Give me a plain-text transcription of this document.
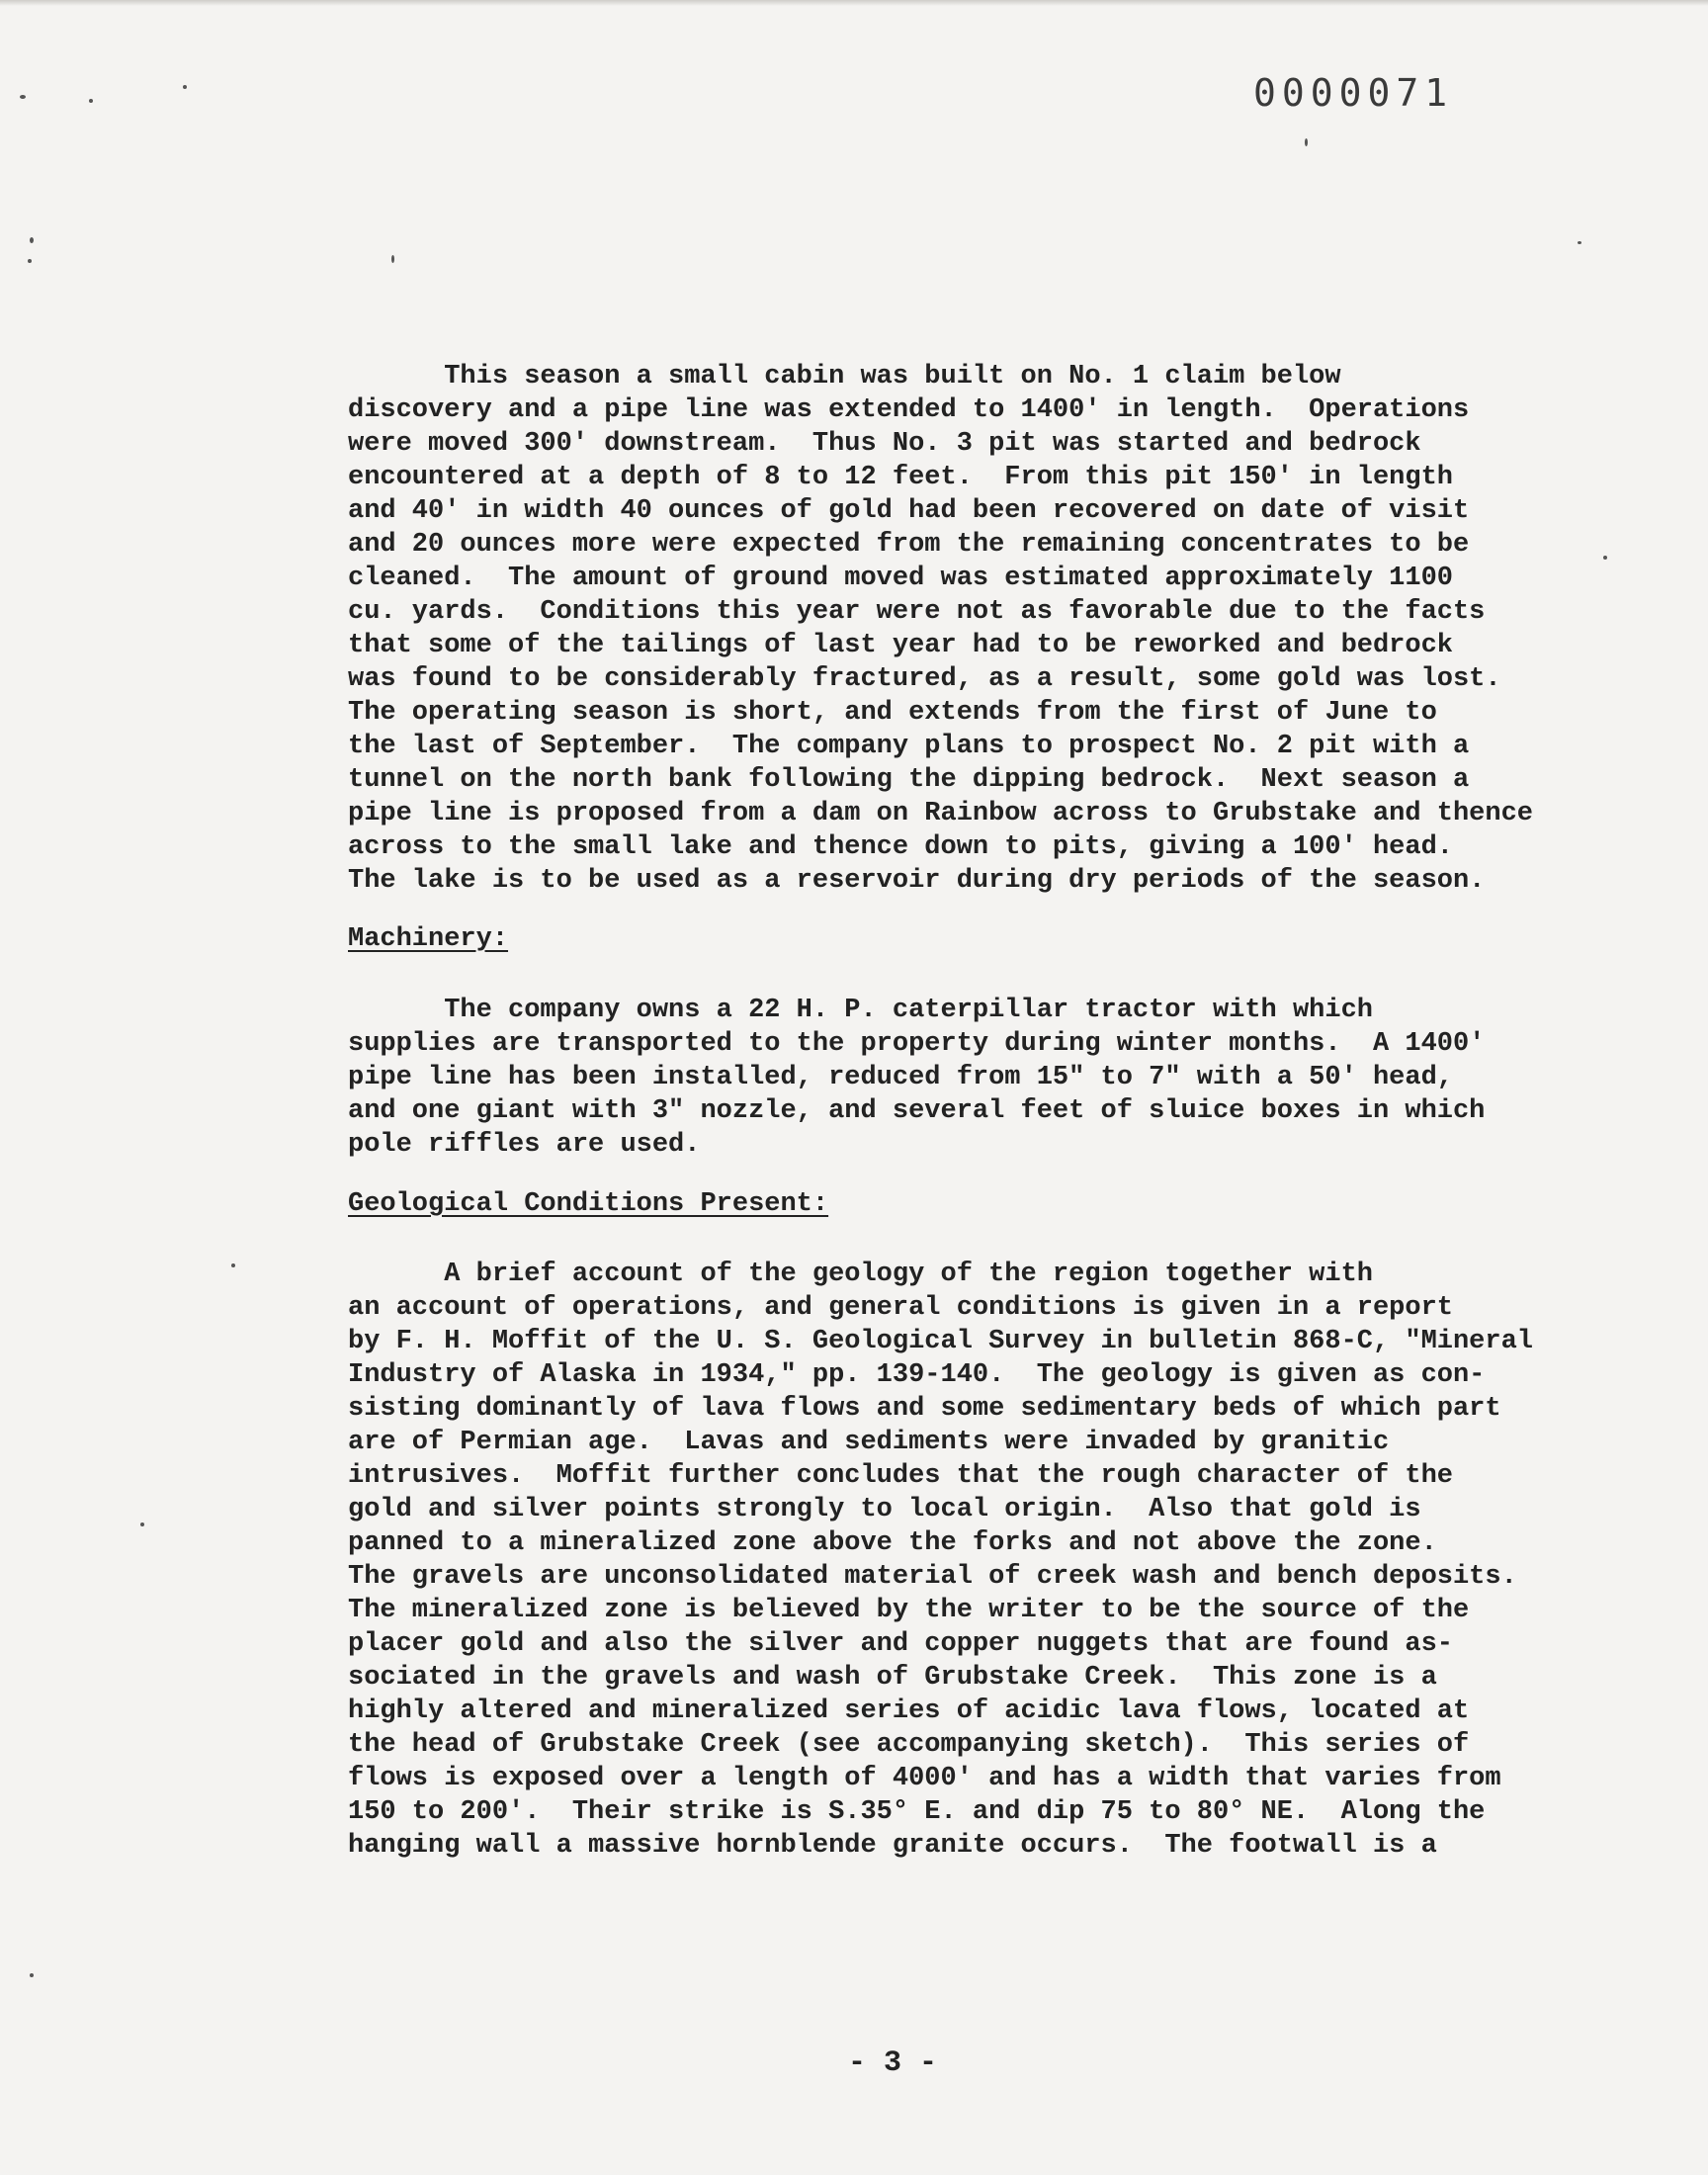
0000071
This season a small cabin was built on No. 1 claim below
discovery and a pipe line was extended to 1400' in length.  Operations
were moved 300' downstream.  Thus No. 3 pit was started and bedrock
encountered at a depth of 8 to 12 feet.  From this pit 150' in length
and 40' in width 40 ounces of gold had been recovered on date of visit
and 20 ounces more were expected from the remaining concentrates to be
cleaned.  The amount of ground moved was estimated approximately 1100
cu. yards.  Conditions this year were not as favorable due to the facts
that some of the tailings of last year had to be reworked and bedrock
was found to be considerably fractured, as a result, some gold was lost.
The operating season is short, and extends from the first of June to
the last of September.  The company plans to prospect No. 2 pit with a
tunnel on the north bank following the dipping bedrock.  Next season a
pipe line is proposed from a dam on Rainbow across to Grubstake and thence
across to the small lake and thence down to pits, giving a 100' head.
The lake is to be used as a reservoir during dry periods of the season.
Machinery:
The company owns a 22 H. P. caterpillar tractor with which
supplies are transported to the property during winter months.  A 1400'
pipe line has been installed, reduced from 15" to 7" with a 50' head,
and one giant with 3" nozzle, and several feet of sluice boxes in which
pole riffles are used.
Geological Conditions Present:
A brief account of the geology of the region together with
an account of operations, and general conditions is given in a report
by F. H. Moffit of the U. S. Geological Survey in bulletin 868-C, "Mineral
Industry of Alaska in 1934," pp. 139-140.  The geology is given as con-
sisting dominantly of lava flows and some sedimentary beds of which part
are of Permian age.  Lavas and sediments were invaded by granitic
intrusives.  Moffit further concludes that the rough character of the
gold and silver points strongly to local origin.  Also that gold is
panned to a mineralized zone above the forks and not above the zone.
The gravels are unconsolidated material of creek wash and bench deposits.
The mineralized zone is believed by the writer to be the source of the
placer gold and also the silver and copper nuggets that are found as-
sociated in the gravels and wash of Grubstake Creek.  This zone is a
highly altered and mineralized series of acidic lava flows, located at
the head of Grubstake Creek (see accompanying sketch).  This series of
flows is exposed over a length of 4000' and has a width that varies from
150 to 200'.  Their strike is S.35° E. and dip 75 to 80° NE.  Along the
hanging wall a massive hornblende granite occurs.  The footwall is a
- 3 -
